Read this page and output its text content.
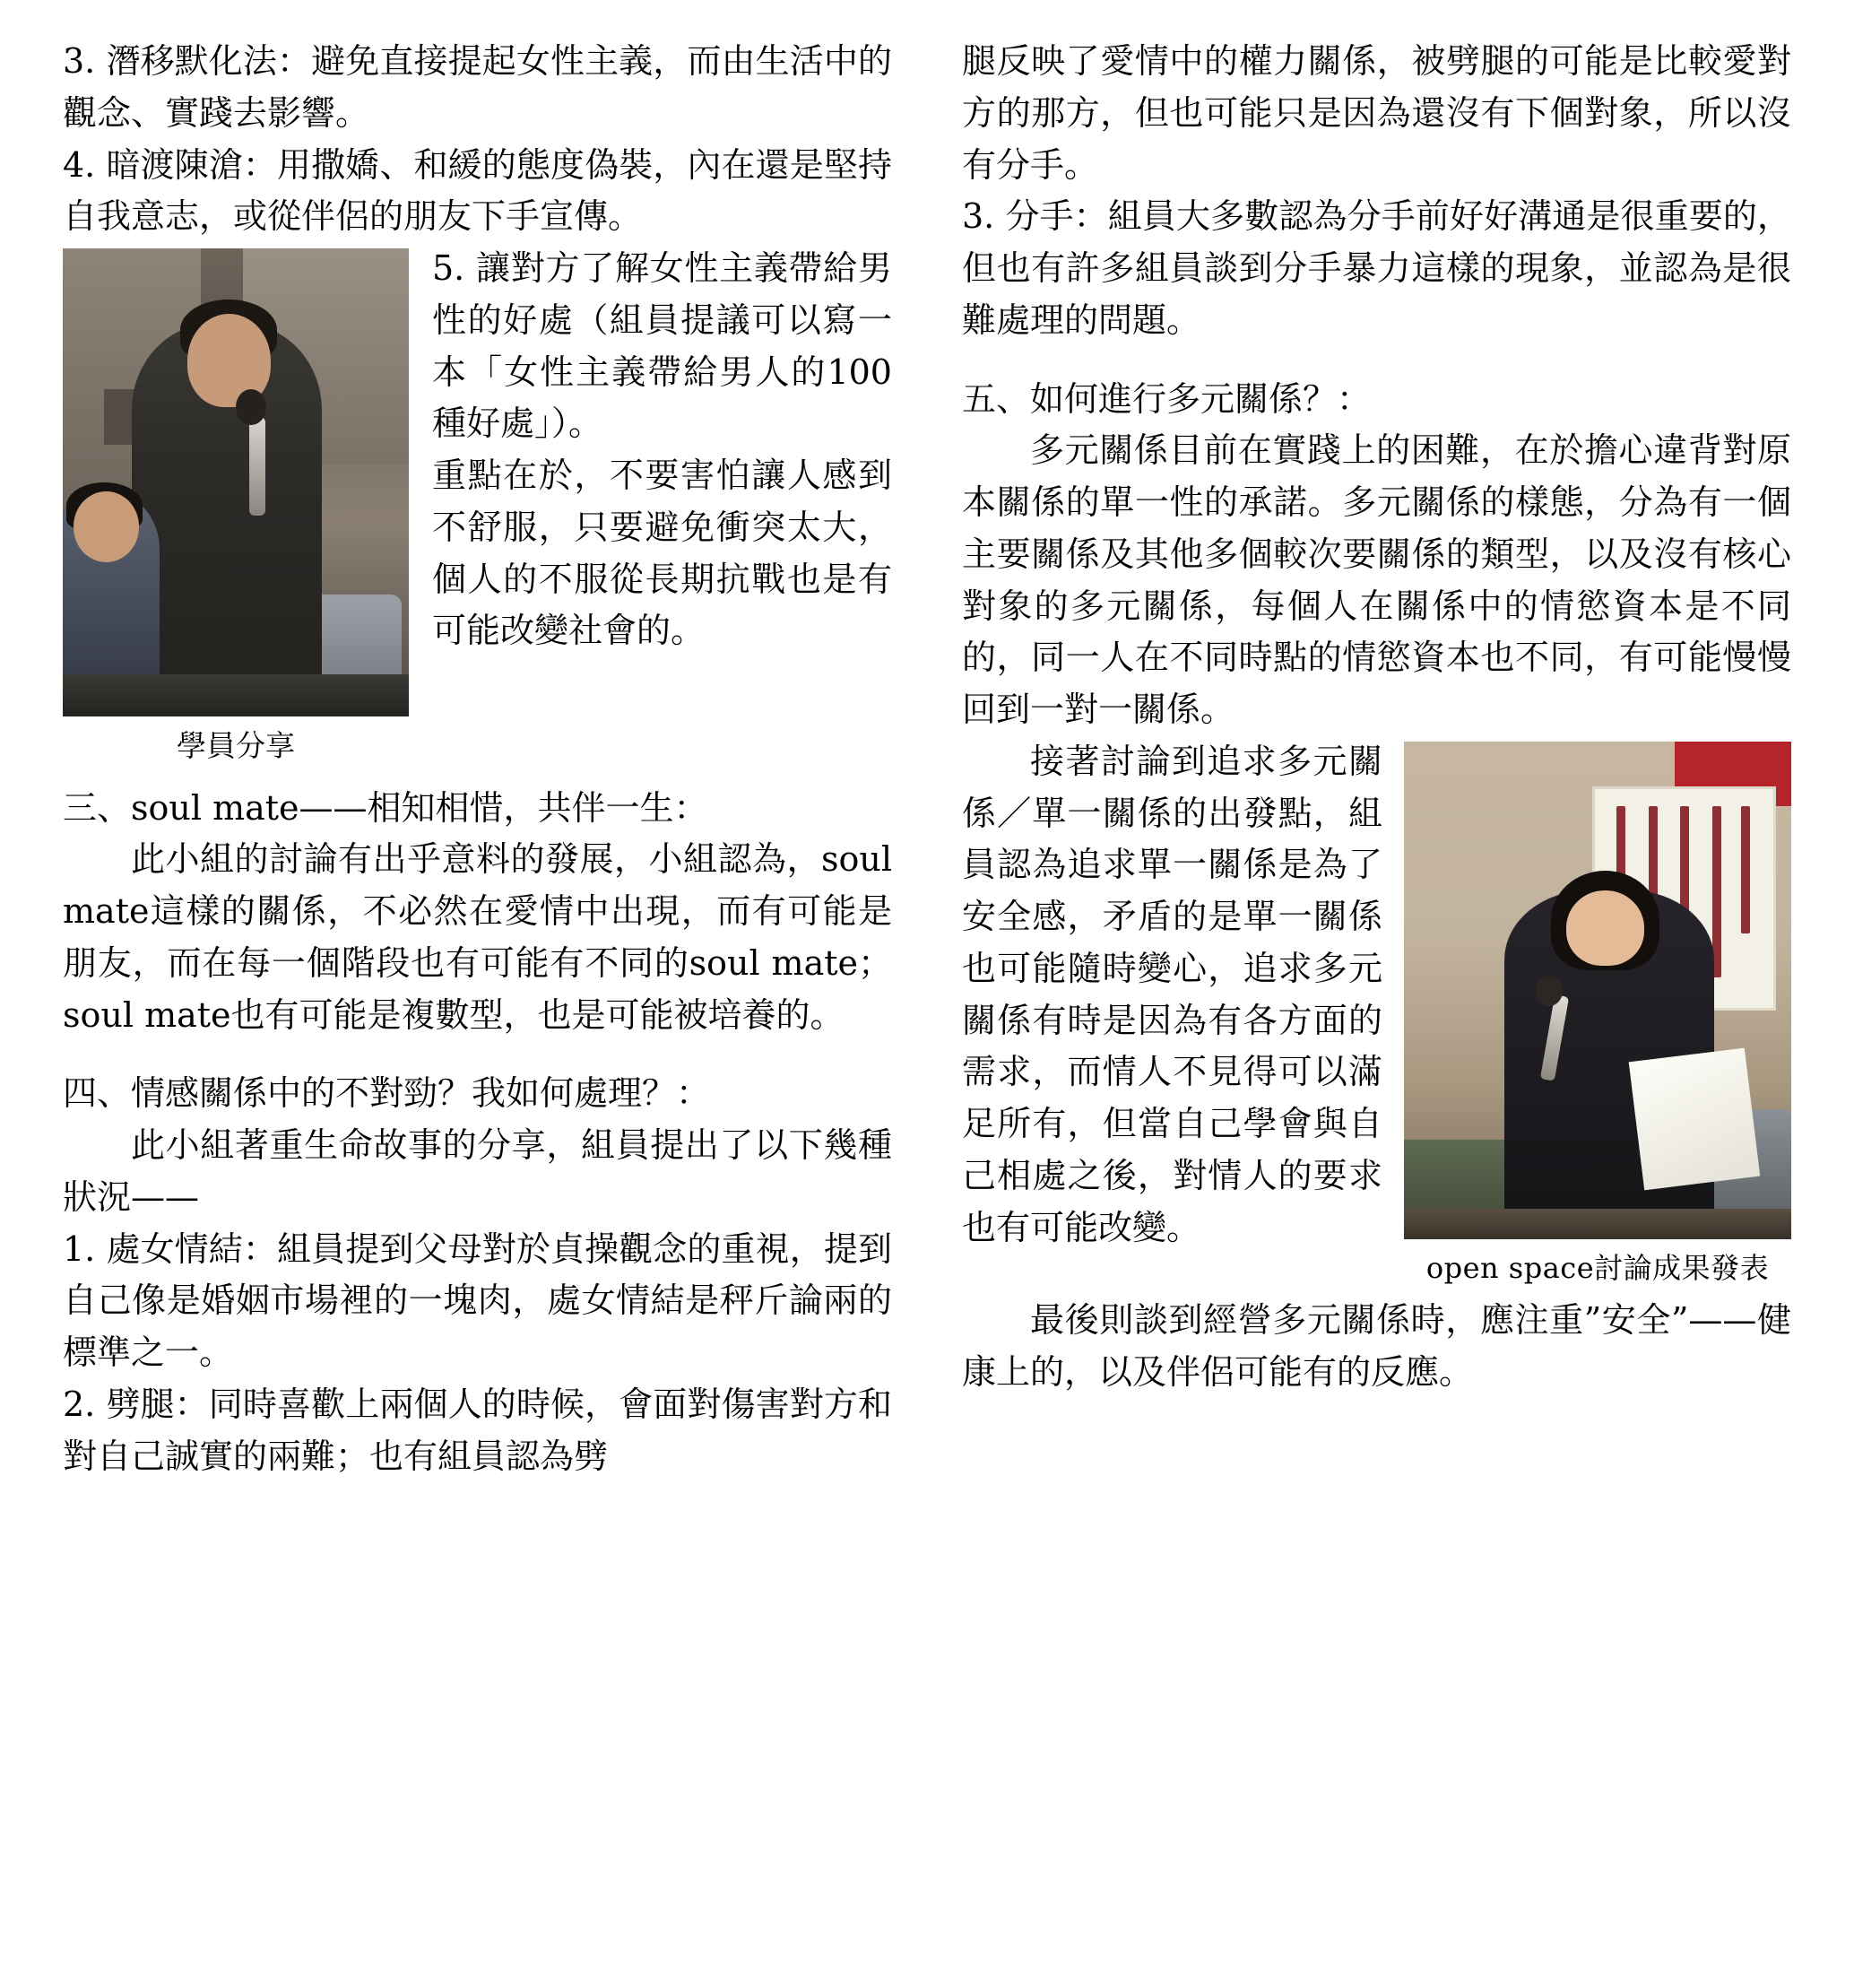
3. 潛移默化法：避免直接提起女性主義，而由生活中的觀念、實踐去影響。

4. 暗渡陳滄：用撒嬌、和緩的態度偽裝，內在還是堅持自我意志，或從伴侶的朋友下手宣傳。

學員分享

5. 讓對方了解女性主義帶給男性的好處（組員提議可以寫一本「女性主義帶給男人的100種好處」）。

重點在於，不要害怕讓人感到不舒服，只要避免衝突太大，個人的不服從長期抗戰也是有可能改變社會的。

三、soul mate——相知相惜，共伴一生：

此小組的討論有出乎意料的發展，小組認為，soul　mate這樣的關係，不必然在愛情中出現，而有可能是朋友，而在每一個階段也有可能有不同的soul mate；soul mate也有可能是複數型，也是可能被培養的。

四、情感關係中的不對勁？我如何處理？：

此小組著重生命故事的分享，組員提出了以下幾種狀況——

1. 處女情結：組員提到父母對於貞操觀念的重視，提到自己像是婚姻市場裡的一塊肉，處女情結是秤斤論兩的標準之一。

2. 劈腿：同時喜歡上兩個人的時候，會面對傷害對方和對自己誠實的兩難；也有組員認為劈

腿反映了愛情中的權力關係，被劈腿的可能是比較愛對方的那方，但也可能只是因為還沒有下個對象，所以沒有分手。

3. 分手：組員大多數認為分手前好好溝通是很重要的，但也有許多組員談到分手暴力這樣的現象，並認為是很難處理的問題。

五、如何進行多元關係？：

多元關係目前在實踐上的困難，在於擔心違背對原本關係的單一性的承諾。多元關係的樣態，分為有一個主要關係及其他多個較次要關係的類型，以及沒有核心對象的多元關係，每個人在關係中的情慾資本是不同的，同一人在不同時點的情慾資本也不同，有可能慢慢回到一對一關係。

open space討論成果發表

接著討論到追求多元關係／單一關係的出發點，組員認為追求單一關係是為了安全感，矛盾的是單一關係也可能隨時變心，追求多元關係有時是因為有各方面的需求，而情人不見得可以滿足所有，但當自己學會與自己相處之後，對情人的要求也有可能改變。

最後則談到經營多元關係時，應注重”安全”——健康上的，以及伴侶可能有的反應。
